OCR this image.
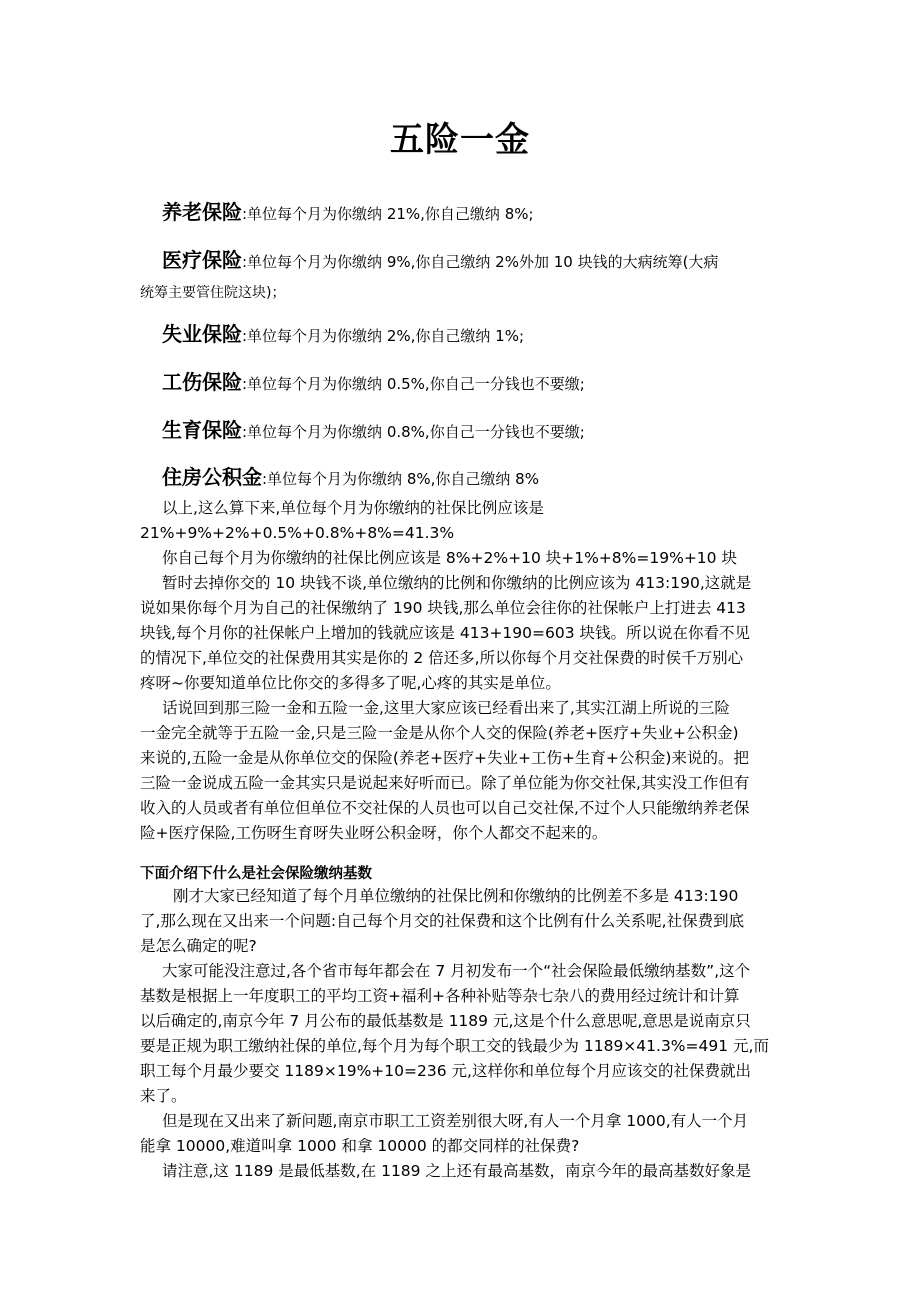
五险一金
养老保险:单位每个月为你缴纳 21%,你自己缴纳 8%;
医疗保险:单位每个月为你缴纳 9%,你自己缴纳 2%外加 10 块钱的大病统筹(大病
统筹主要管住院这块)；
失业保险:单位每个月为你缴纳 2%,你自己缴纳 1%;
工伤保险:单位每个月为你缴纳 0.5%,你自己一分钱也不要缴;
生育保险:单位每个月为你缴纳 0.8%,你自己一分钱也不要缴;
住房公积金:单位每个月为你缴纳 8%,你自己缴纳 8%
以上,这么算下来,单位每个月为你缴纳的社保比例应该是
21%+9%+2%+0.5%+0.8%+8%=41.3%
你自己每个月为你缴纳的社保比例应该是 8%+2%+10 块+1%+8%=19%+10 块
暂时去掉你交的 10 块钱不谈,单位缴纳的比例和你缴纳的比例应该为 413:190,这就是
说如果你每个月为自己的社保缴纳了 190 块钱,那么单位会往你的社保帐户上打进去 413
块钱,每个月你的社保帐户上增加的钱就应该是 413+190=603 块钱。所以说在你看不见
的情况下,单位交的社保费用其实是你的 2 倍还多,所以你每个月交社保费的时侯千万别心
疼呀~你要知道单位比你交的多得多了呢,心疼的其实是单位。
话说回到那三险一金和五险一金,这里大家应该已经看出来了,其实江湖上所说的三险
一金完全就等于五险一金,只是三险一金是从你个人交的保险(养老+医疗+失业+公积金)
来说的,五险一金是从你单位交的保险(养老+医疗+失业+工伤+生育+公积金)来说的。把
三险一金说成五险一金其实只是说起来好听而已。除了单位能为你交社保,其实没工作但有
收入的人员或者有单位但单位不交社保的人员也可以自己交社保,不过个人只能缴纳养老保
险+医疗保险,工伤呀生育呀失业呀公积金呀，你个人都交不起来的。
下面介绍下什么是社会保险缴纳基数
刚才大家已经知道了每个月单位缴纳的社保比例和你缴纳的比例差不多是 413:190
了,那么现在又出来一个问题:自己每个月交的社保费和这个比例有什么关系呢,社保费到底
是怎么确定的呢?
大家可能没注意过,各个省市每年都会在 7 月初发布一个“社会保险最低缴纳基数”,这个
基数是根据上一年度职工的平均工资+福利+各种补贴等杂七杂八的费用经过统计和计算
以后确定的,南京今年 7 月公布的最低基数是 1189 元,这是个什么意思呢,意思是说南京只
要是正规为职工缴纳社保的单位,每个月为每个职工交的钱最少为 1189×41.3%=491 元,而
职工每个月最少要交 1189×19%+10=236 元,这样你和单位每个月应该交的社保费就出
来了。
但是现在又出来了新问题,南京市职工工资差别很大呀,有人一个月拿 1000,有人一个月
能拿 10000,难道叫拿 1000 和拿 10000 的都交同样的社保费?
请注意,这 1189 是最低基数,在 1189 之上还有最高基数，南京今年的最高基数好象是
